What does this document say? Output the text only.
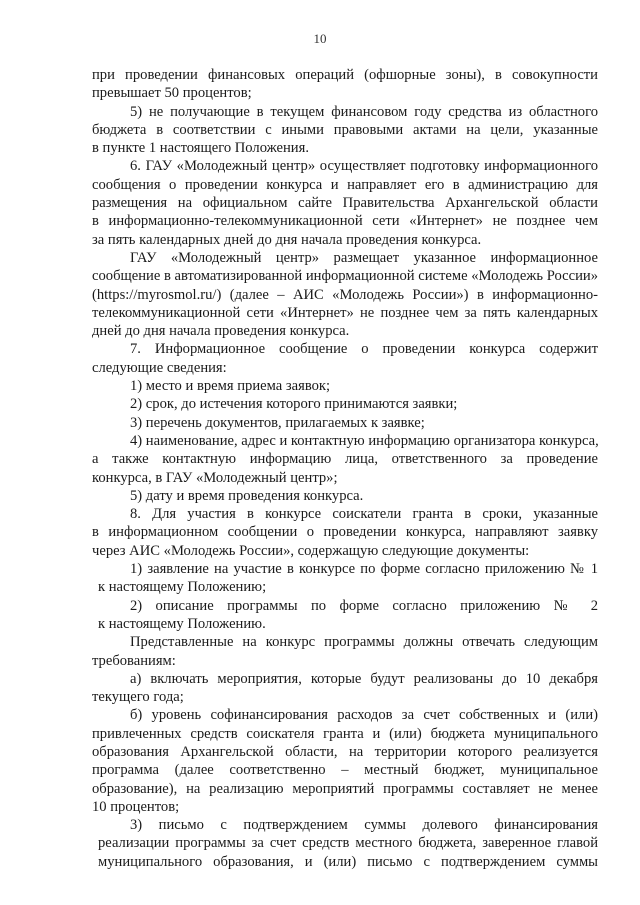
10
при проведении финансовых операций (офшорные зоны), в совокупности
превышает 50 процентов;
5) не получающие в текущем финансовом году средства из областного
бюджета в соответствии с иными правовыми актами на цели, указанные
в пункте 1 настоящего Положения.
6. ГАУ «Молодежный центр» осуществляет подготовку информационного
сообщения о проведении конкурса и направляет его в администрацию для
размещения на официальном сайте Правительства Архангельской области
в информационно-телекоммуникационной сети «Интернет» не позднее чем
за пять календарных дней до дня начала проведения конкурса.
ГАУ «Молодежный центр» размещает указанное информационное
сообщение в автоматизированной информационной системе «Молодежь России»
(https://myrosmol.ru/) (далее – АИС «Молодежь России») в информационно-
телекоммуникационной сети «Интернет» не позднее чем за пять календарных
дней до дня начала проведения конкурса.
7. Информационное сообщение о проведении конкурса содержит
следующие сведения:
1) место и время приема заявок;
2) срок, до истечения которого принимаются заявки;
3) перечень документов, прилагаемых к заявке;
4) наименование, адрес и контактную информацию организатора конкурса,
а также контактную информацию лица, ответственного за проведение
конкурса, в ГАУ «Молодежный центр»;
5) дату и время проведения конкурса.
8. Для участия в конкурсе соискатели гранта в сроки, указанные
в информационном сообщении о проведении конкурса, направляют заявку
через АИС «Молодежь России», содержащую следующие документы:
1) заявление на участие в конкурсе по форме согласно приложению № 1
к настоящему Положению;
2) описание программы по форме согласно приложению № 2
к настоящему Положению.
Представленные на конкурс программы должны отвечать следующим
требованиям:
а) включать мероприятия, которые будут реализованы до 10 декабря
текущего года;
б) уровень софинансирования расходов за счет собственных и (или)
привлеченных средств соискателя гранта и (или) бюджета муниципального
образования Архангельской области, на территории которого реализуется
программа (далее соответственно – местный бюджет, муниципальное
образование), на реализацию мероприятий программы составляет не менее
10 процентов;
3) письмо с подтверждением суммы долевого финансирования
реализации программы за счет средств местного бюджета, заверенное главой
муниципального образования, и (или) письмо с подтверждением суммы
